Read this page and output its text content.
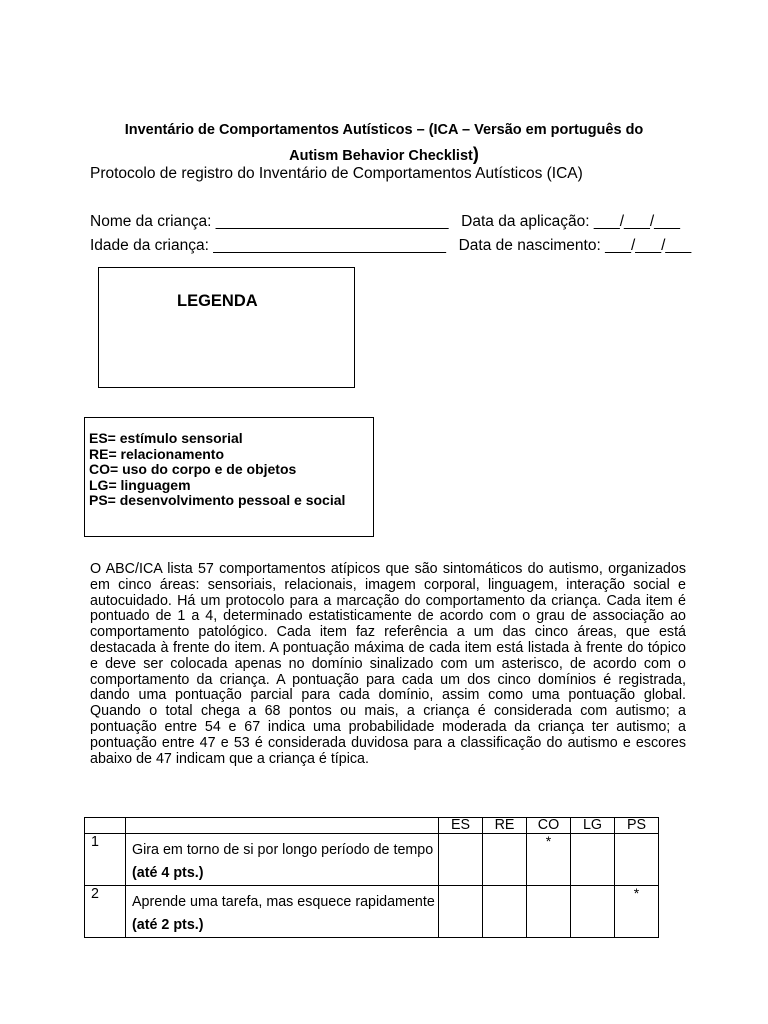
Inventário de Comportamentos Autísticos – (ICA – Versão em português do
Autism Behavior Checklist)
Protocolo de registro do Inventário de Comportamentos Autísticos (ICA)
Nome da criança: ___________________________ Data da aplicação: ___/___/___
Idade da criança: ___________________________ Data de nascimento: ___/___/___
LEGENDA
ES= estímulo sensorial
RE= relacionamento
CO= uso do corpo e de objetos
LG= linguagem
PS= desenvolvimento pessoal e social
O ABC/ICA lista 57 comportamentos atípicos que são sintomáticos do autismo, organizados em cinco áreas: sensoriais, relacionais, imagem corporal, linguagem, interação social e autocuidado. Há um protocolo para a marcação do comportamento da criança. Cada item é pontuado de 1 a 4, determinado estatisticamente de acordo com o grau de associação ao comportamento patológico. Cada item faz referência a um das cinco áreas, que está destacada à frente do item. A pontuação máxima de cada item está listada à frente do tópico e deve ser colocada apenas no domínio sinalizado com um asterisco, de acordo com o comportamento da criança. A pontuação para cada um dos cinco domínios é registrada, dando uma pontuação parcial para cada domínio, assim como uma pontuação global. Quando o total chega a 68 pontos ou mais, a criança é considerada com autismo; a pontuação entre 54 e 67 indica uma probabilidade moderada da criança ter autismo; a pontuação entre 47 e 53 é considerada duvidosa para a classificação do autismo e escores abaixo de 47 indicam que a criança é típica.
		ES	RE	CO	LG	PS

1	Gira em torno de si por longo período de tempo (até 4 pts.)			*		

2	Aprende uma tarefa, mas esquece rapidamente (até 2 pts.)					*
